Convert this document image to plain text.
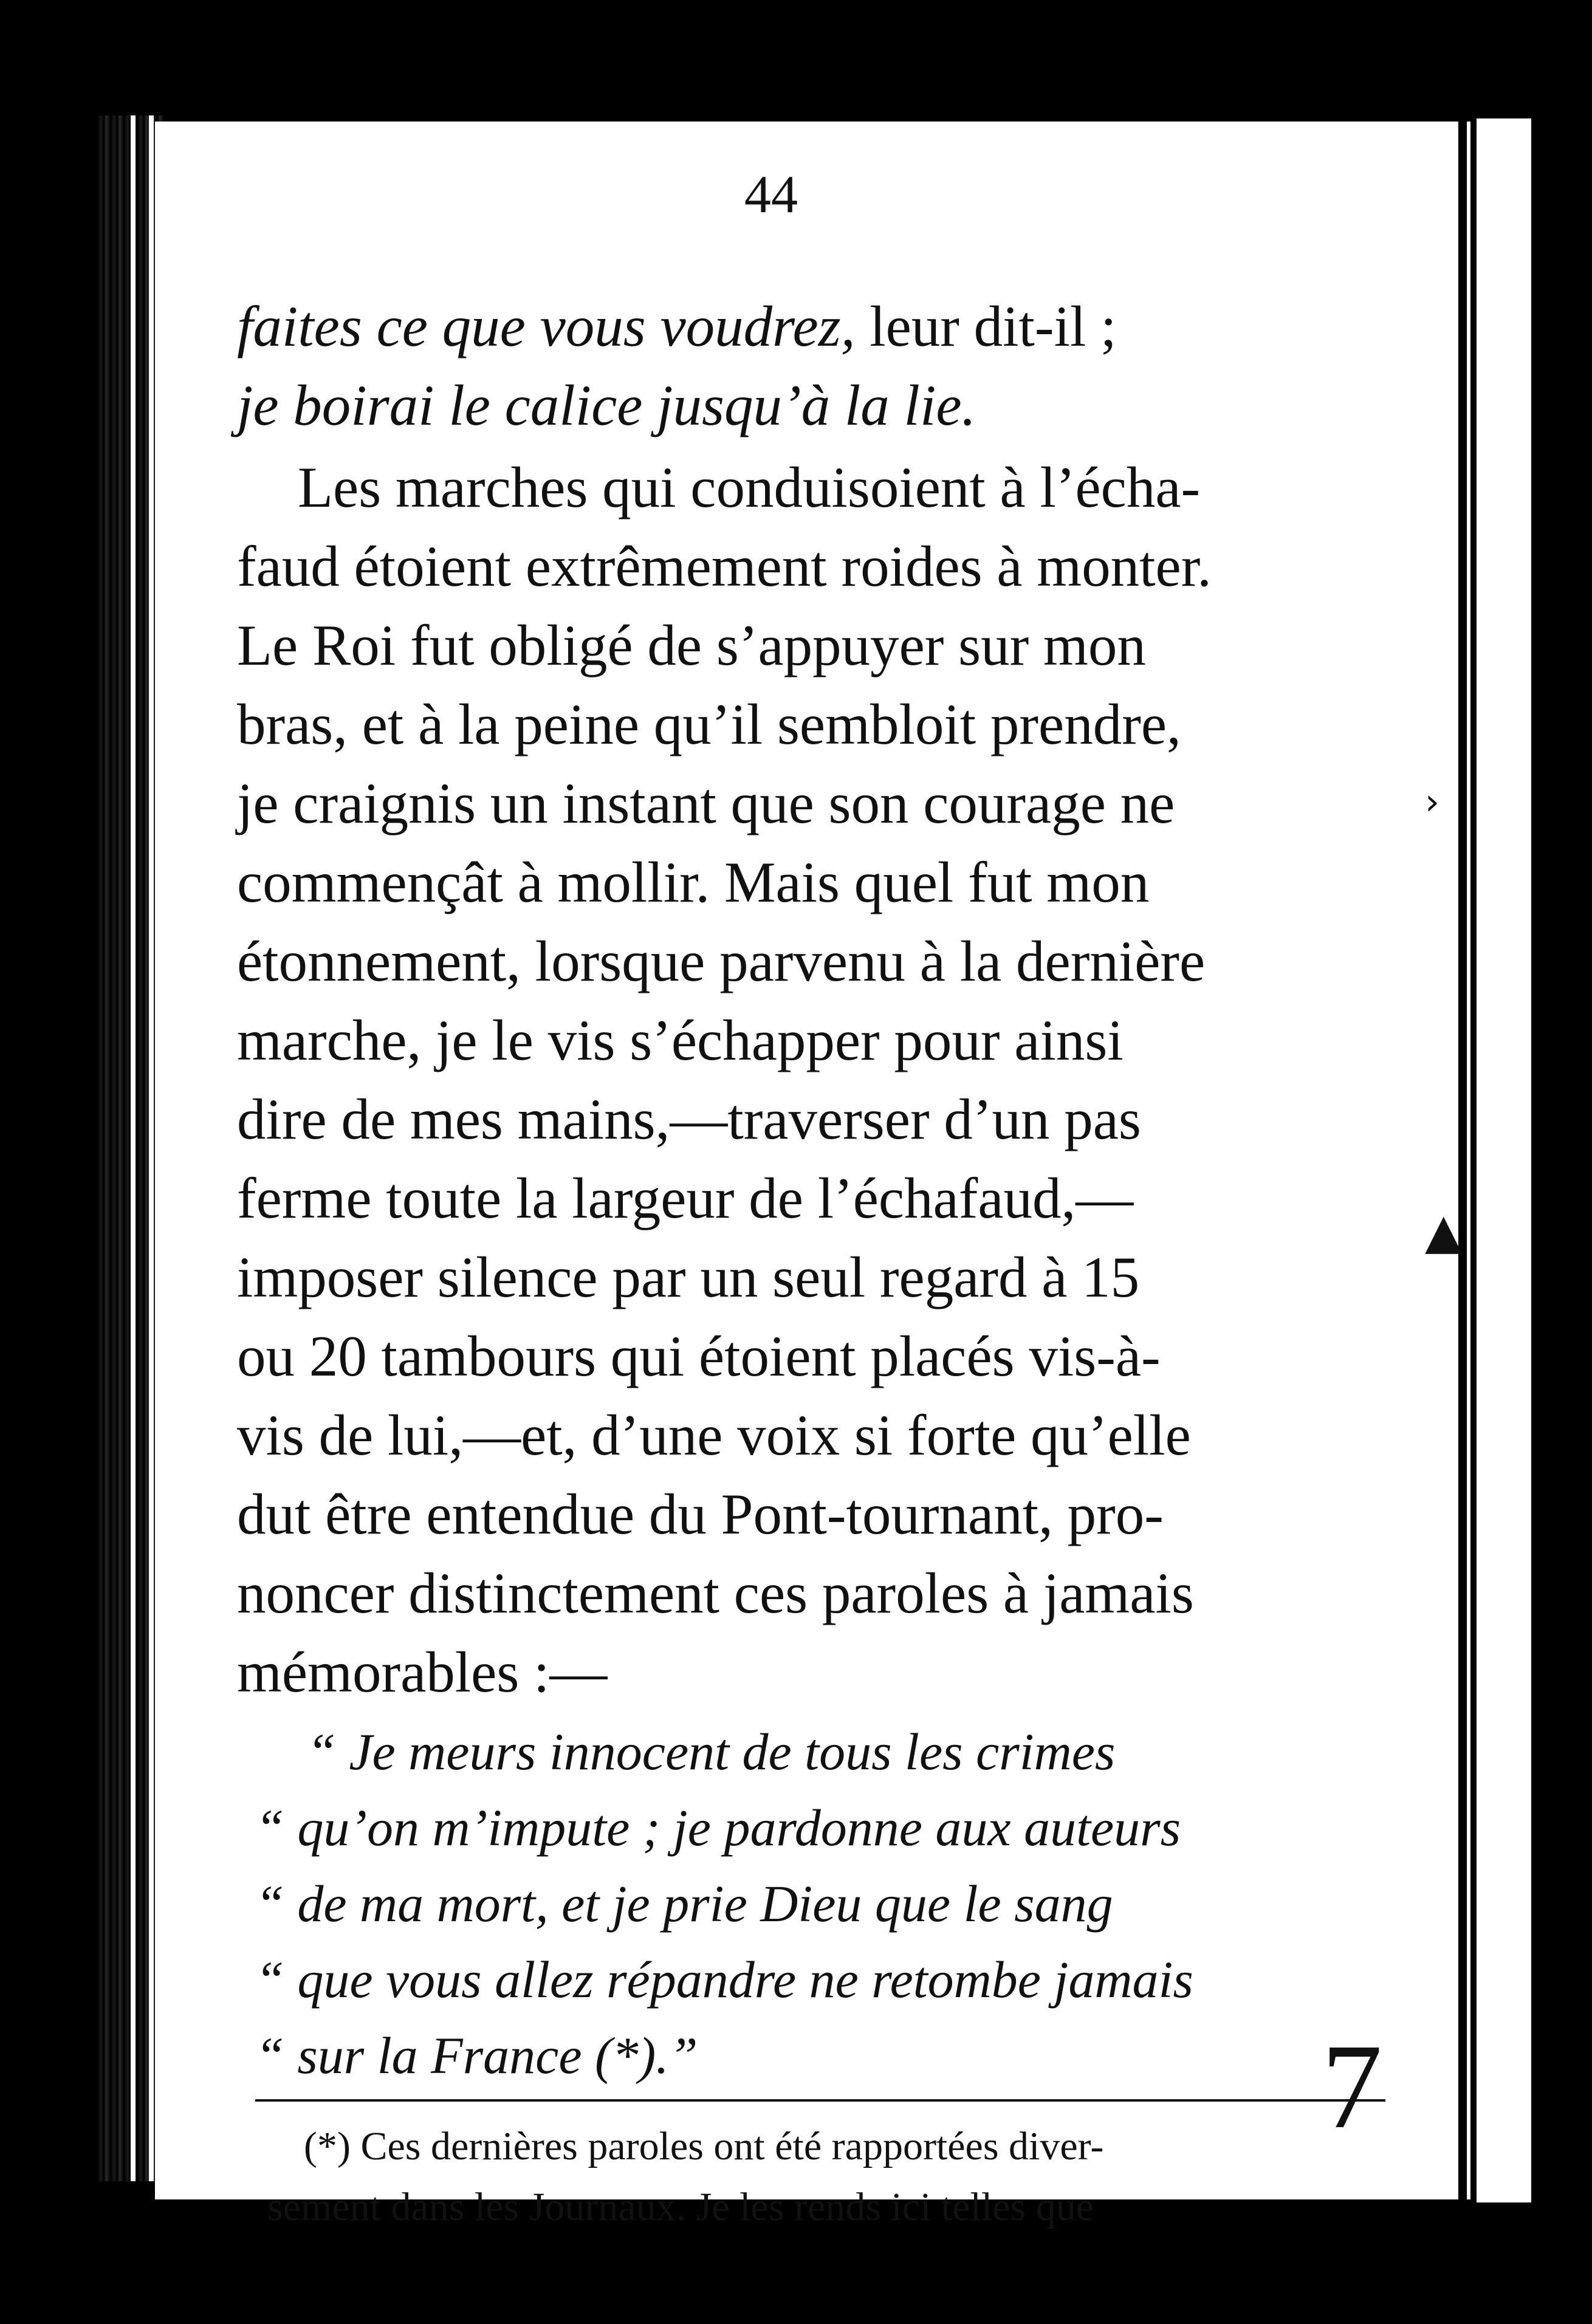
44
faites ce que vous voudrez, leur dit-il ;
je boirai le calice jusqu’à la lie.
Les marches qui conduisoient à l’écha-
faud étoient extrêmement roides à monter.
Le Roi fut obligé de s’appuyer sur mon
bras, et à la peine qu’il sembloit prendre,
je craignis un instant que son courage ne
commençât à mollir. Mais quel fut mon
étonnement, lorsque parvenu à la dernière
marche, je le vis s’échapper pour ainsi
dire de mes mains,—traverser d’un pas
ferme toute la largeur de l’échafaud,—
imposer silence par un seul regard à 15
ou 20 tambours qui étoient placés vis-à-
vis de lui,—et, d’une voix si forte qu’elle
dut être entendue du Pont-tournant, pro-
noncer distinctement ces paroles à jamais
mémorables :—
“ Je meurs innocent de tous les crimes
“ qu’on m’impute ; je pardonne aux auteurs
“ de ma mort, et je prie Dieu que le sang
“ que vous allez répandre ne retombe jamais
“ sur la France (*).”
(*) Ces dernières paroles ont été rapportées diver-
sement dans les Journaux. Je les rends ici telles que
7
›
▲
